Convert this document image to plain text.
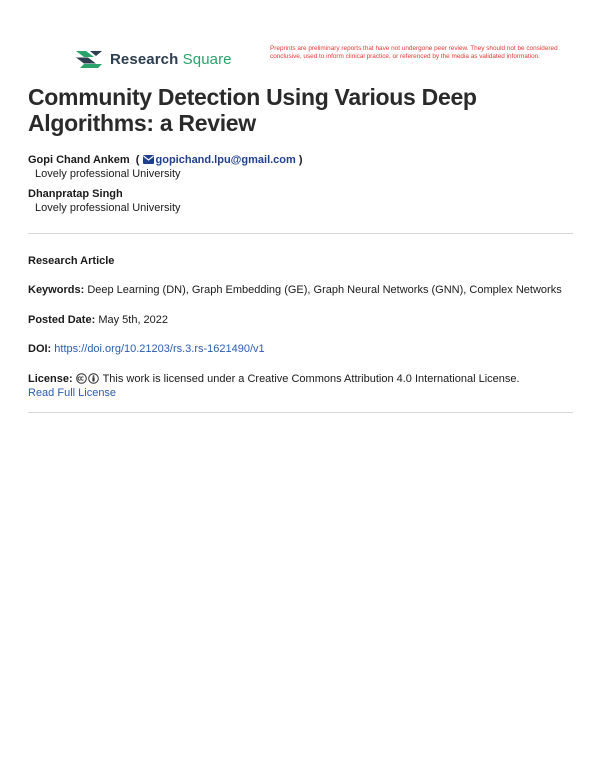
Research Square
Preprints are preliminary reports that have not undergone peer review. They should not be considered conclusive, used to inform clinical practice, or referenced by the media as validated information.
Community Detection Using Various Deep Algorithms: a Review
Gopi Chand Ankem ( gopichand.lpu@gmail.com )
Lovely professional University
Dhanpratap Singh
Lovely professional University
Research Article
Keywords: Deep Learning (DN), Graph Embedding (GE), Graph Neural Networks (GNN), Complex Networks
Posted Date: May 5th, 2022
DOI: https://doi.org/10.21203/rs.3.rs-1621490/v1
License:	This work is licensed under a Creative Commons Attribution 4.0 International License.
Read Full License
